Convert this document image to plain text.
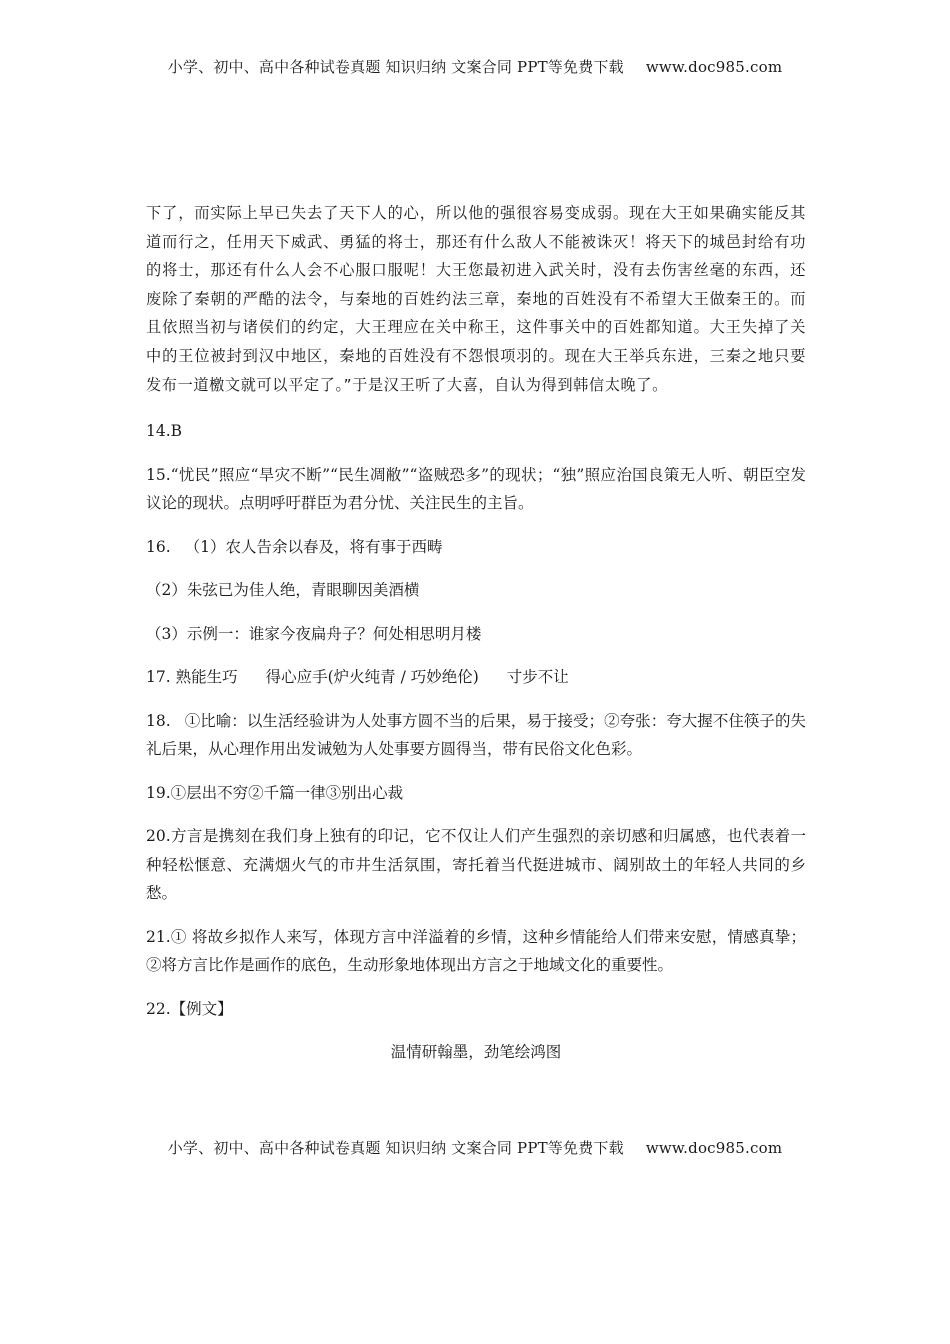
小学、初中、高中各种试卷真题 知识归纳 文案合同 PPT等免费下载 www.doc985.com

下了，而实际上早已失去了天下人的心，所以他的强很容易变成弱。现在大王如果确实能反其道而行之，任用天下威武、勇猛的将士，那还有什么敌人不能被诛灭！将天下的城邑封给有功的将士，那还有什么人会不心服口服呢！大王您最初进入武关时，没有去伤害丝毫的东西，还废除了秦朝的严酷的法令，与秦地的百姓约法三章，秦地的百姓没有不希望大王做秦王的。而且依照当初与诸侯们的约定，大王理应在关中称王，这件事关中的百姓都知道。大王失掉了关中的王位被封到汉中地区，秦地的百姓没有不怨恨项羽的。现在大王举兵东进，三秦之地只要发布一道檄文就可以平定了。”于是汉王听了大喜，自认为得到韩信太晚了。

14.B

15.“忧民”照应“旱灾不断”“民生凋敝”“盗贼恐多”的现状；“独”照应治国良策无人听、朝臣空发议论的现状。点明呼吁群臣为君分忧、关注民生的主旨。

16. （1）农人告余以春及，将有事于西畴

（2）朱弦已为佳人绝，青眼聊因美酒横

（3）示例一：谁家今夜扁舟子？何处相思明月楼

17. 熟能生巧 得心应手(炉火纯青 / 巧妙绝伦) 寸步不让

18. ①比喻：以生活经验讲为人处事方圆不当的后果，易于接受；②夸张：夸大握不住筷子的失礼后果，从心理作用出发诫勉为人处事要方圆得当，带有民俗文化色彩。

19.①层出不穷②千篇一律③别出心裁

20.方言是携刻在我们身上独有的印记，它不仅让人们产生强烈的亲切感和归属感，也代表着一种轻松惬意、充满烟火气的市井生活氛围，寄托着当代挺进城市、阔别故土的年轻人共同的乡愁。

21.① 将故乡拟作人来写，体现方言中洋溢着的乡情，这种乡情能给人们带来安慰，情感真挚；②将方言比作是画作的底色，生动形象地体现出方言之于地域文化的重要性。

22.【例文】

温情研翰墨，劲笔绘鸿图

小学、初中、高中各种试卷真题 知识归纳 文案合同 PPT等免费下载 www.doc985.com
